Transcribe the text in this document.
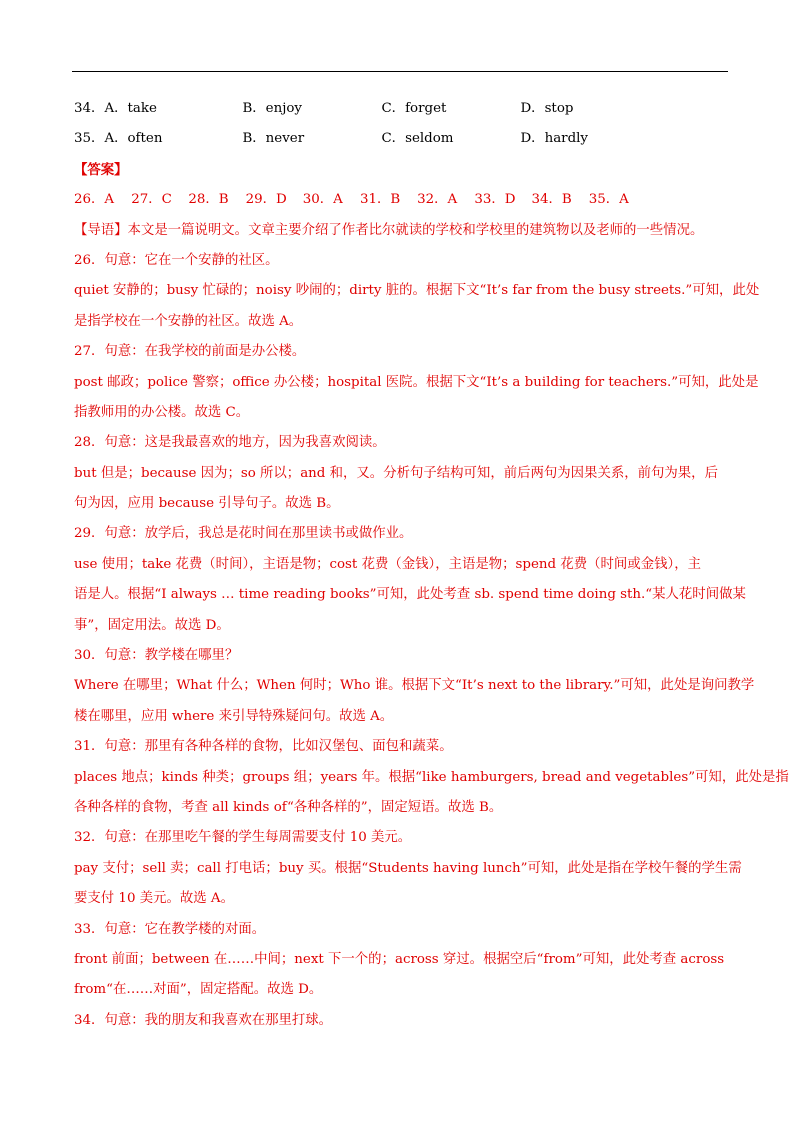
34．A．take	B．enjoy	C．forget	D．stop
35．A．often	B．never	C．seldom	D．hardly
【答案】
26．A 27．C 28．B 29．D 30．A 31．B 32．A 33．D 34．B 35．A
【导语】本文是一篇说明文。文章主要介绍了作者比尔就读的学校和学校里的建筑物以及老师的一些情况。
26．句意：它在一个安静的社区。
quiet 安静的；busy 忙碌的；noisy 吵闹的；dirty 脏的。根据下文“It’s far from the busy streets.”可知，此处
是指学校在一个安静的社区。故选 A。
27．句意：在我学校的前面是办公楼。
post 邮政；police 警察；office 办公楼；hospital 医院。根据下文“It’s a building for teachers.”可知，此处是
指教师用的办公楼。故选 C。
28．句意：这是我最喜欢的地方，因为我喜欢阅读。
but 但是；because 因为；so 所以；and 和，又。分析句子结构可知，前后两句为因果关系，前句为果，后
句为因，应用 because 引导句子。故选 B。
29．句意：放学后，我总是花时间在那里读书或做作业。
use 使用；take 花费（时间），主语是物；cost 花费（金钱），主语是物；spend 花费（时间或金钱），主
语是人。根据“I always … time reading books”可知，此处考查 sb. spend time doing sth.“某人花时间做某
事”，固定用法。故选 D。
30．句意：教学楼在哪里？
Where 在哪里；What 什么；When 何时；Who 谁。根据下文“It’s next to the library.”可知，此处是询问教学
楼在哪里，应用 where 来引导特殊疑问句。故选 A。
31．句意：那里有各种各样的食物，比如汉堡包、面包和蔬菜。
places 地点；kinds 种类；groups 组；years 年。根据“like hamburgers, bread and vegetables”可知，此处是指
各种各样的食物，考查 all kinds of“各种各样的”，固定短语。故选 B。
32．句意：在那里吃午餐的学生每周需要支付 10 美元。
pay 支付；sell 卖；call 打电话；buy 买。根据“Students having lunch”可知，此处是指在学校午餐的学生需
要支付 10 美元。故选 A。
33．句意：它在教学楼的对面。
front 前面；between 在……中间；next 下一个的；across 穿过。根据空后“from”可知，此处考查 across
from“在……对面”，固定搭配。故选 D。
34．句意：我的朋友和我喜欢在那里打球。
